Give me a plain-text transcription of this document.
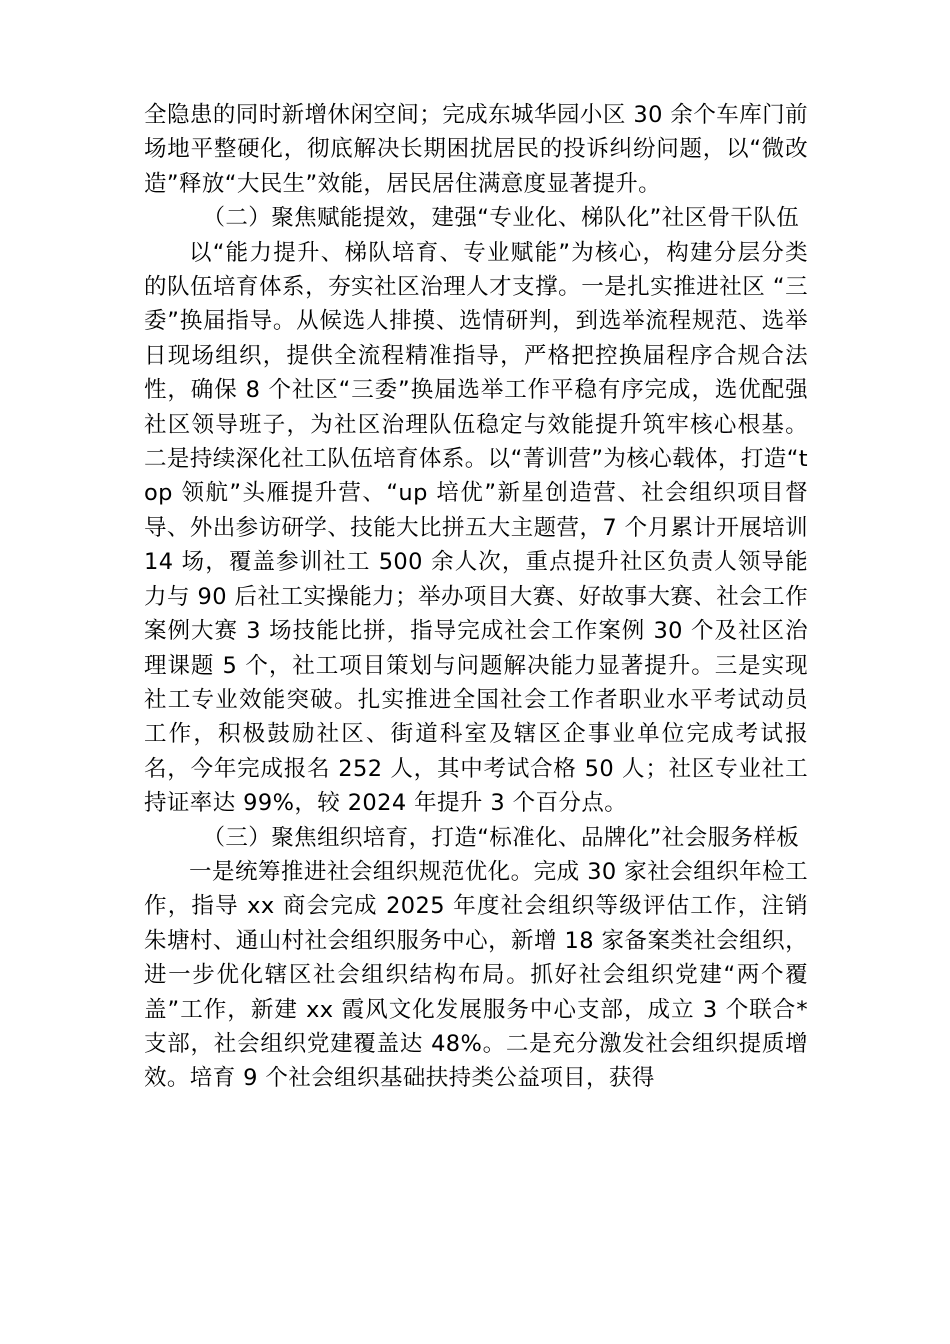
全隐患的同时新增休闲空间；完成东城华园小区 30 余个车库门前场地平整硬化，彻底解决长期困扰居民的投诉纠纷问题，以“微改造”释放“大民生”效能，居民居住满意度显著提升。

（二）聚焦赋能提效，建强“专业化、梯队化”社区骨干队伍

以“能力提升、梯队培育、专业赋能”为核心，构建分层分类的队伍培育体系，夯实社区治理人才支撑。一是扎实推进社区 “三委”换届指导。从候选人排摸、选情研判，到选举流程规范、选举日现场组织，提供全流程精准指导，严格把控换届程序合规合法性，确保 8 个社区“三委”换届选举工作平稳有序完成，选优配强社区领导班子，为社区治理队伍稳定与效能提升筑牢核心根基。二是持续深化社工队伍培育体系。以“菁训营”为核心载体，打造“top 领航”头雁提升营、“up 培优”新星创造营、社会组织项目督导、外出参访研学、技能大比拼五大主题营，7 个月累计开展培训 14 场，覆盖参训社工 500 余人次，重点提升社区负责人领导能力与 90 后社工实操能力；举办项目大赛、好故事大赛、社会工作案例大赛 3 场技能比拼，指导完成社会工作案例 30 个及社区治理课题 5 个，社工项目策划与问题解决能力显著提升。三是实现社工专业效能突破。扎实推进全国社会工作者职业水平考试动员工作，积极鼓励社区、街道科室及辖区企事业单位完成考试报名，今年完成报名 252 人，其中考试合格 50 人；社区专业社工持证率达 99%，较 2024 年提升 3 个百分点。

（三）聚焦组织培育，打造“标准化、品牌化”社会服务样板

一是统筹推进社会组织规范优化。完成 30 家社会组织年检工作，指导 xx 商会完成 2025 年度社会组织等级评估工作，注销朱塘村、通山村社会组织服务中心，新增 18 家备案类社会组织，进一步优化辖区社会组织结构布局。抓好社会组织党建“两个覆盖”工作，新建 xx 霞风文化发展服务中心支部，成立 3 个联合*支部，社会组织党建覆盖达 48%。二是充分激发社会组织提质增效。培育 9 个社会组织基础扶持类公益项目，获得
